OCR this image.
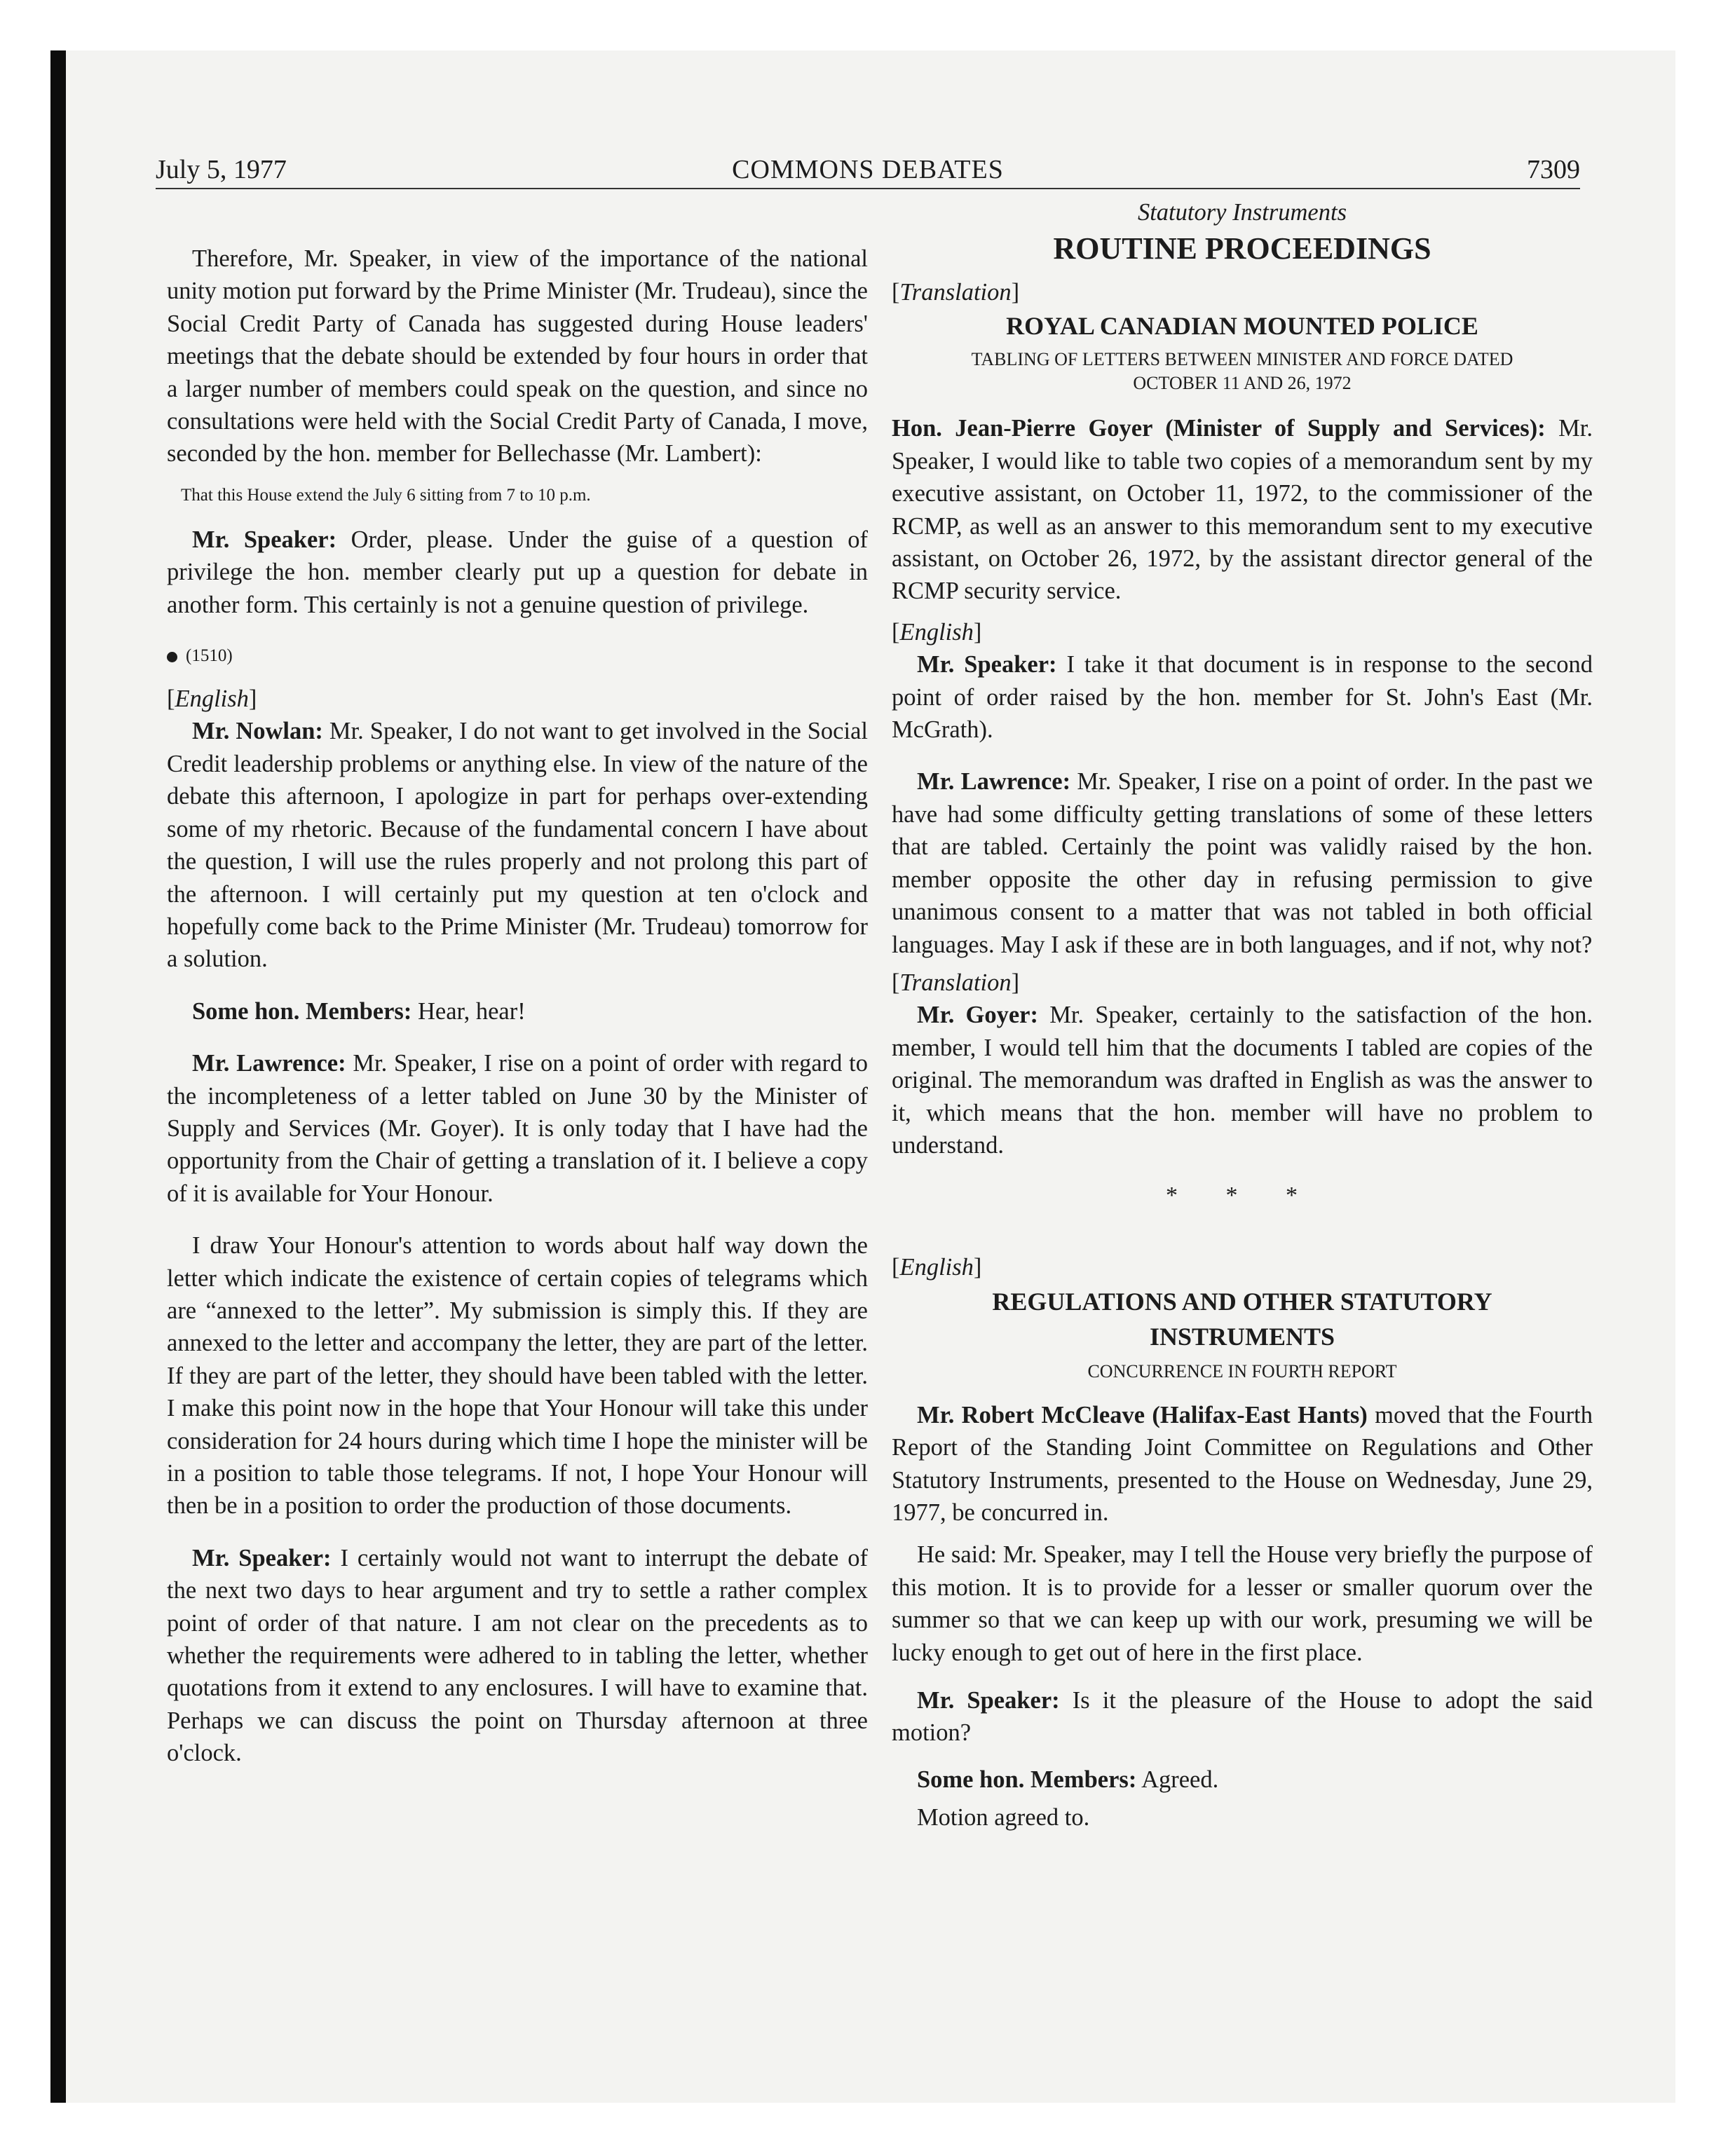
July 5, 1977	COMMONS DEBATES	7309

Therefore, Mr. Speaker, in view of the importance of the national unity motion put forward by the Prime Minister (Mr. Trudeau), since the Social Credit Party of Canada has suggested during House leaders' meetings that the debate should be extended by four hours in order that a larger number of members could speak on the question, and since no consultations were held with the Social Credit Party of Canada, I move, seconded by the hon. member for Bellechasse (Mr. Lambert):

That this House extend the July 6 sitting from 7 to 10 p.m.

Mr. Speaker: Order, please. Under the guise of a question of privilege the hon. member clearly put up a question for debate in another form. This certainly is not a genuine question of privilege.

(1510)
[English]

Mr. Nowlan: Mr. Speaker, I do not want to get involved in the Social Credit leadership problems or anything else. In view of the nature of the debate this afternoon, I apologize in part for perhaps over-extending some of my rhetoric. Because of the fundamental concern I have about the question, I will use the rules properly and not prolong this part of the afternoon. I will certainly put my question at ten o'clock and hopefully come back to the Prime Minister (Mr. Trudeau) tomorrow for a solution.

Some hon. Members: Hear, hear!

Mr. Lawrence: Mr. Speaker, I rise on a point of order with regard to the incompleteness of a letter tabled on June 30 by the Minister of Supply and Services (Mr. Goyer). It is only today that I have had the opportunity from the Chair of getting a translation of it. I believe a copy of it is available for Your Honour.

I draw Your Honour's attention to words about half way down the letter which indicate the existence of certain copies of telegrams which are “annexed to the letter”. My submission is simply this. If they are annexed to the letter and accompany the letter, they are part of the letter. If they are part of the letter, they should have been tabled with the letter. I make this point now in the hope that Your Honour will take this under consideration for 24 hours during which time I hope the minister will be in a position to table those telegrams. If not, I hope Your Honour will then be in a position to order the production of those documents.

Mr. Speaker: I certainly would not want to interrupt the debate of the next two days to hear argument and try to settle a rather complex point of order of that nature. I am not clear on the precedents as to whether the requirements were adhered to in tabling the letter, whether quotations from it extend to any enclosures. I will have to examine that. Perhaps we can discuss the point on Thursday afternoon at three o'clock.

Statutory Instruments
ROUTINE PROCEEDINGS
[Translation]
ROYAL CANADIAN MOUNTED POLICE
TABLING OF LETTERS BETWEEN MINISTER AND FORCE DATED OCTOBER 11 AND 26, 1972

Hon. Jean-Pierre Goyer (Minister of Supply and Services): Mr. Speaker, I would like to table two copies of a memorandum sent by my executive assistant, on October 11, 1972, to the commissioner of the RCMP, as well as an answer to this memorandum sent to my executive assistant, on October 26, 1972, by the assistant director general of the RCMP security service.

[English]

Mr. Speaker: I take it that document is in response to the second point of order raised by the hon. member for St. John's East (Mr. McGrath).

Mr. Lawrence: Mr. Speaker, I rise on a point of order. In the past we have had some difficulty getting translations of some of these letters that are tabled. Certainly the point was validly raised by the hon. member opposite the other day in refusing permission to give unanimous consent to a matter that was not tabled in both official languages. May I ask if these are in both languages, and if not, why not?

[Translation]

Mr. Goyer: Mr. Speaker, certainly to the satisfaction of the hon. member, I would tell him that the documents I tabled are copies of the original. The memorandum was drafted in English as was the answer to it, which means that the hon. member will have no problem to understand.

* * *
[English]
REGULATIONS AND OTHER STATUTORY INSTRUMENTS
CONCURRENCE IN FOURTH REPORT

Mr. Robert McCleave (Halifax-East Hants) moved that the Fourth Report of the Standing Joint Committee on Regulations and Other Statutory Instruments, presented to the House on Wednesday, June 29, 1977, be concurred in.

He said: Mr. Speaker, may I tell the House very briefly the purpose of this motion. It is to provide for a lesser or smaller quorum over the summer so that we can keep up with our work, presuming we will be lucky enough to get out of here in the first place.

Mr. Speaker: Is it the pleasure of the House to adopt the said motion?

Some hon. Members: Agreed.

Motion agreed to.
